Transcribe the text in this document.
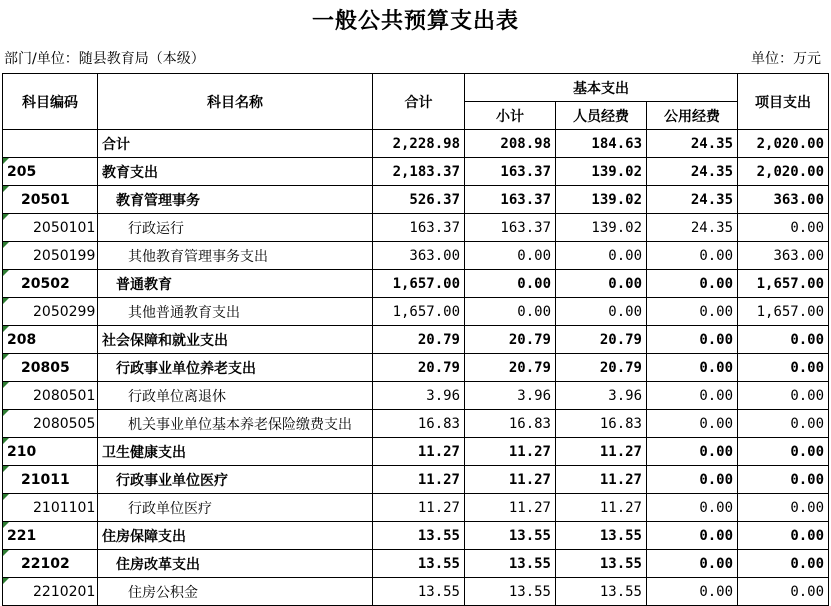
一般公共预算支出表
部门/单位：随县教育局（本级）	单位：万元
科目编码	科目名称	合计	基本支出			项目支出
			小计	人员经费	公用经费	
	合计	2,228.98	208.98	184.63	24.35	2,020.00
205	教育支出	2,183.37	163.37	139.02	24.35	2,020.00
20501	教育管理事务	526.37	163.37	139.02	24.35	363.00
2050101	行政运行	163.37	163.37	139.02	24.35	0.00
2050199	其他教育管理事务支出	363.00	0.00	0.00	0.00	363.00
20502	普通教育	1,657.00	0.00	0.00	0.00	1,657.00
2050299	其他普通教育支出	1,657.00	0.00	0.00	0.00	1,657.00
208	社会保障和就业支出	20.79	20.79	20.79	0.00	0.00
20805	行政事业单位养老支出	20.79	20.79	20.79	0.00	0.00
2080501	行政单位离退休	3.96	3.96	3.96	0.00	0.00
2080505	机关事业单位基本养老保险缴费支出	16.83	16.83	16.83	0.00	0.00
210	卫生健康支出	11.27	11.27	11.27	0.00	0.00
21011	行政事业单位医疗	11.27	11.27	11.27	0.00	0.00
2101101	行政单位医疗	11.27	11.27	11.27	0.00	0.00
221	住房保障支出	13.55	13.55	13.55	0.00	0.00
22102	住房改革支出	13.55	13.55	13.55	0.00	0.00
2210201	住房公积金	13.55	13.55	13.55	0.00	0.00
